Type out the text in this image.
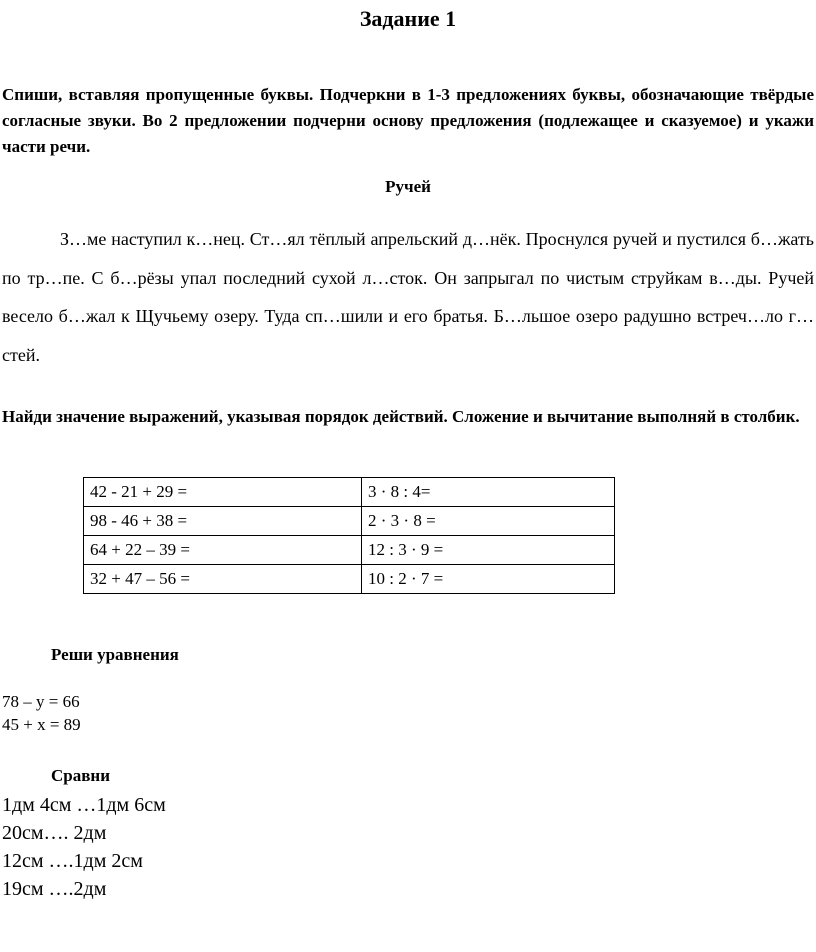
Задание 1
Спиши, вставляя пропущенные буквы. Подчеркни в 1-3 предложениях буквы, обозначающие твёрдые согласные звуки. Во 2 предложении подчерни основу предложения (подлежащее и сказуемое) и укажи части речи.
Ручей
З…ме наступил к…нец. Ст…ял тёплый апрельский д…нёк. Проснулся ручей и пустился б…жать по тр…пе. С б…рёзы упал последний сухой л…сток. Он запрыгал по чистым струйкам в…ды. Ручей весело б…жал к Щучьему озеру. Туда сп…шили и его братья. Б…льшое озеро радушно встреч…ло г…стей.
Найди значение выражений, указывая порядок действий. Сложение и вычитание выполняй в столбик.
42 - 21 + 29 =	3 · 8 : 4=
98 - 46 + 38 =	2 · 3 · 8 =
64 + 22 – 39 =	12 : 3 · 9 =
32 + 47 – 56 =	10 : 2 · 7 =
Реши уравнения
78 – у = 66
45 + х = 89
Сравни
1дм 4см …1дм 6см
20см…. 2дм
12см ….1дм 2см
19см ….2дм
